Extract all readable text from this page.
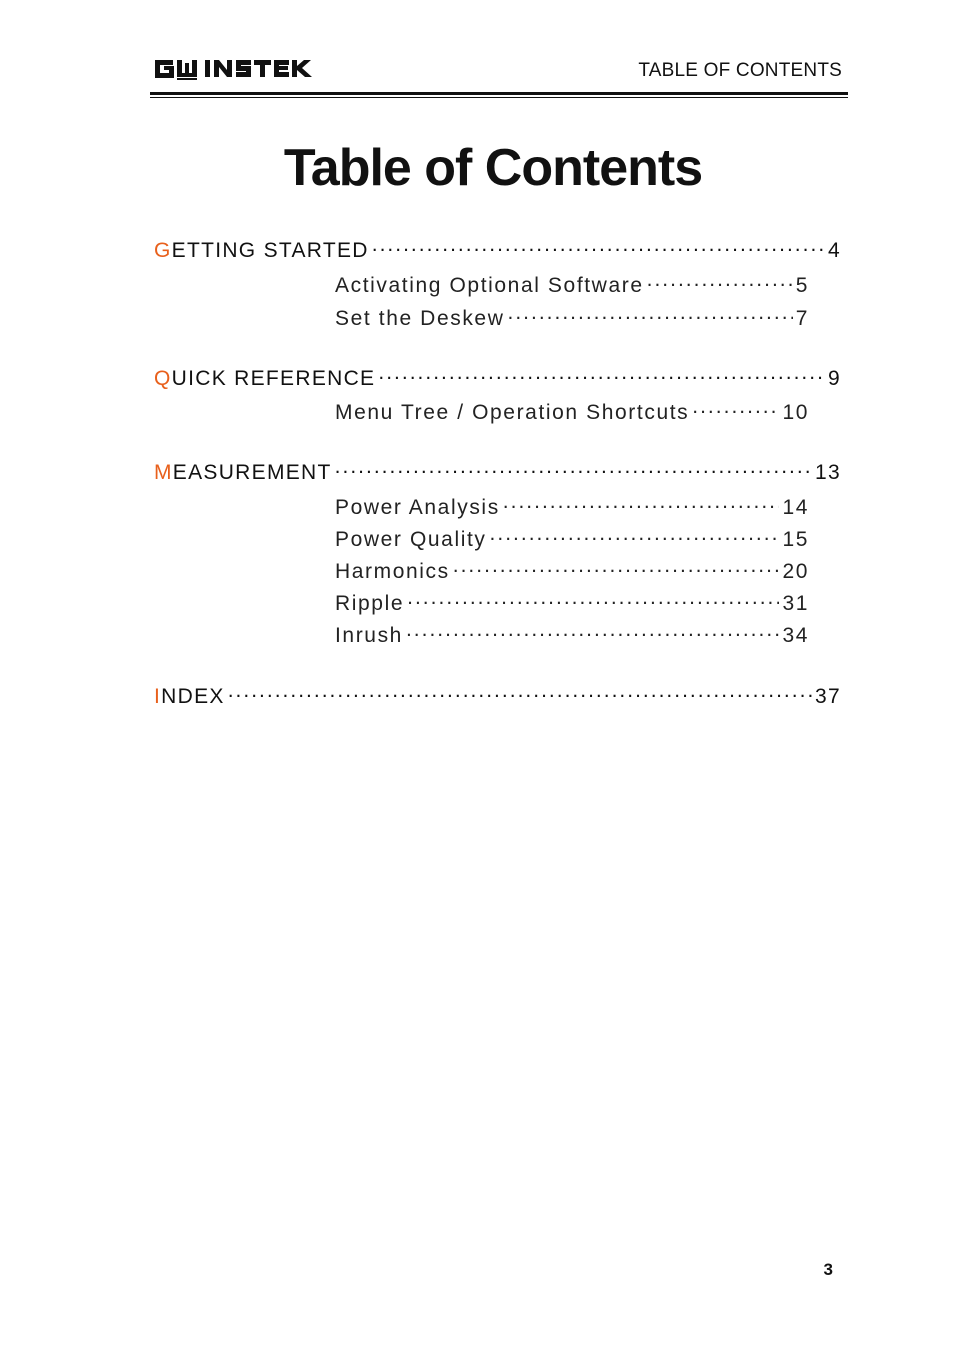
TABLE OF CONTENTS
Table of Contents
GETTING STARTED .....	4
Activating Optional Software .....	5
Set the Deskew .....	7
QUICK REFERENCE .....	9
Menu Tree / Operation Shortcuts .....	10
MEASUREMENT .....	13
Power Analysis .....	14
Power Quality .....	15
Harmonics .....	20
Ripple .....	31
Inrush .....	34
INDEX .....	37
3
